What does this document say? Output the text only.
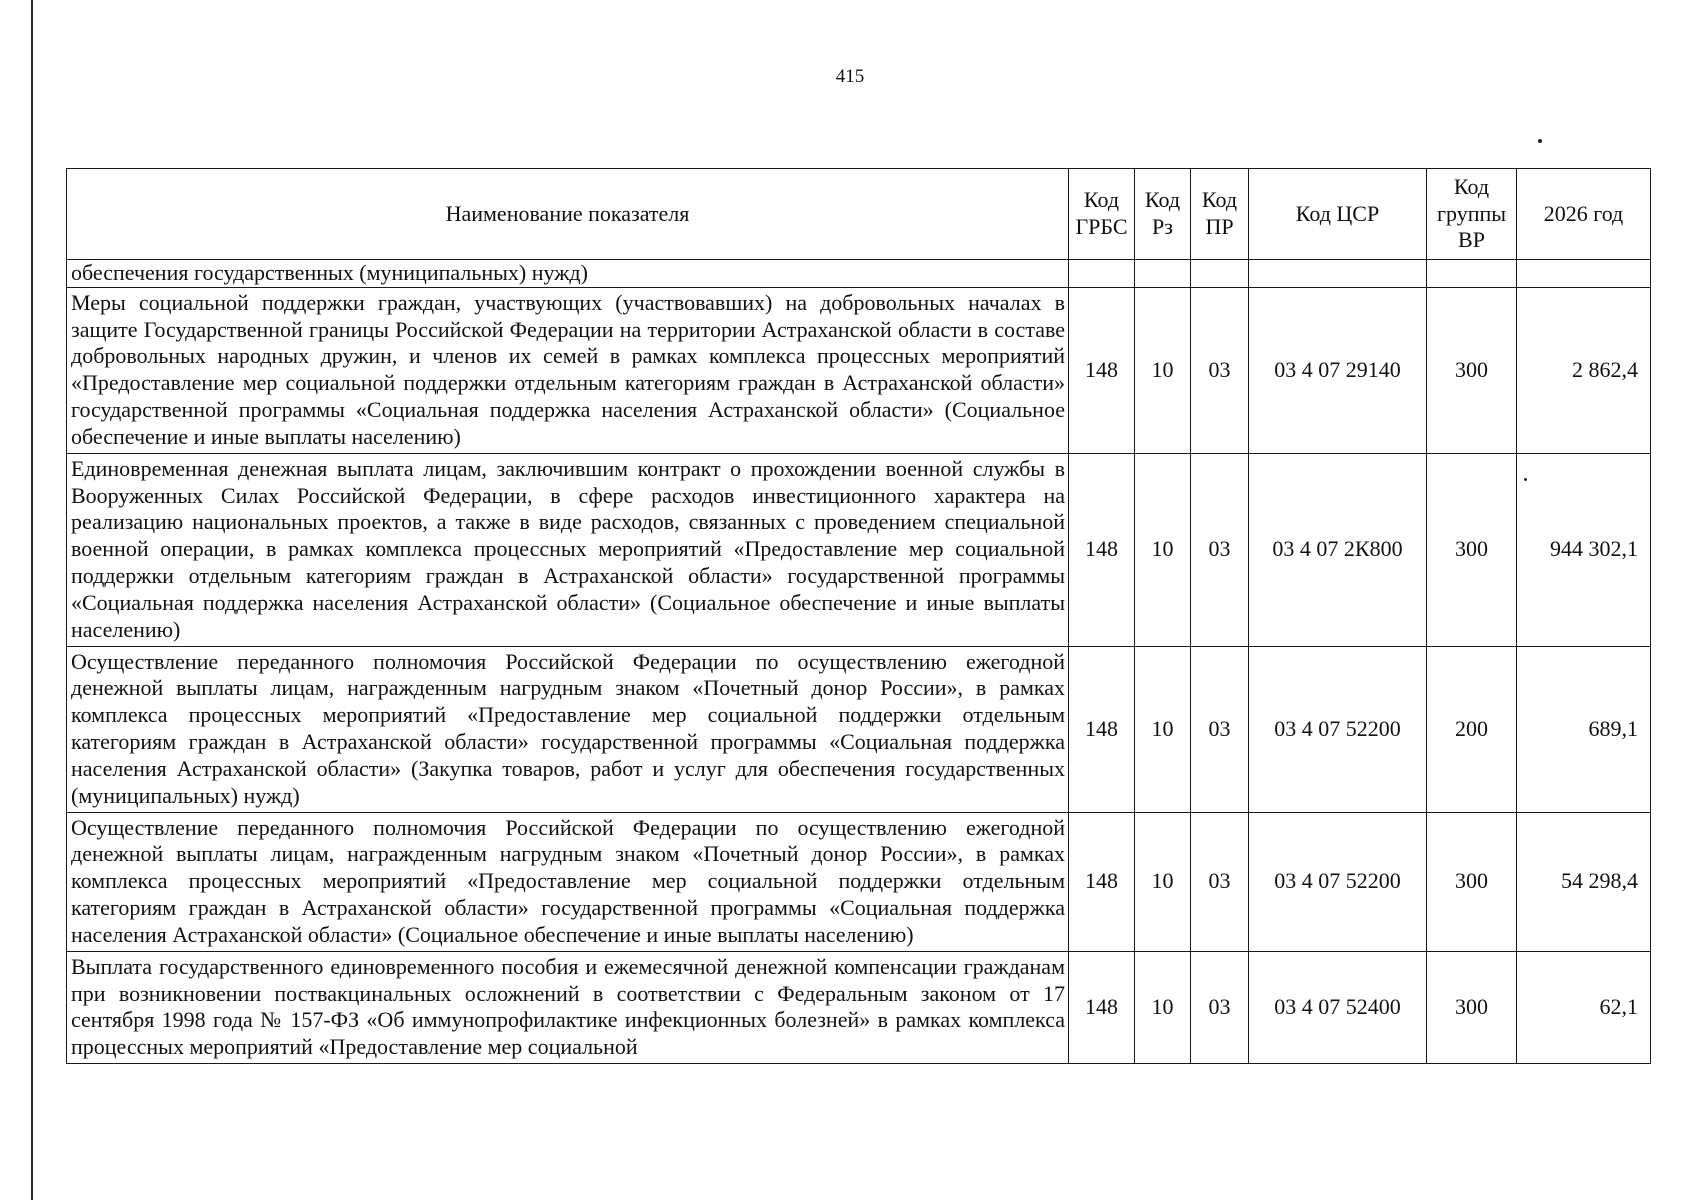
415
Наименование показателя	Код ГРБС	Код Рз	Код ПР	Код ЦСР	Код группы ВР	2026 год
обеспечения государственных (муниципальных) нужд)						
Меры социальной поддержки граждан, участвующих (участвовавших) на добровольных началах в защите Государственной границы Российской Федерации на территории Астраханской области в составе добровольных народных дружин, и членов их семей в рамках комплекса процессных мероприятий «Предоставление мер социальной поддержки отдельным категориям граждан в Астраханской области» государственной программы «Социальная поддержка населения Астраханской области» (Социальное обеспечение и иные выплаты населению)	148	10	03	03 4 07 29140	300	2 862,4
Единовременная денежная выплата лицам, заключившим контракт о прохождении военной службы в Вооруженных Силах Российской Федерации, в сфере расходов инвестиционного характера на реализацию национальных проектов, а также в виде расходов, связанных с проведением специальной военной операции, в рамках комплекса процессных мероприятий «Предоставление мер социальной поддержки отдельным категориям граждан в Астраханской области» государственной программы «Социальная поддержка населения Астраханской области» (Социальное обеспечение и иные выплаты населению)	148	10	03	03 4 07 2К800	300	944 302,1
Осуществление переданного полномочия Российской Федерации по осуществлению ежегодной денежной выплаты лицам, награжденным нагрудным знаком «Почетный донор России», в рамках комплекса процессных мероприятий «Предоставление мер социальной поддержки отдельным категориям граждан в Астраханской области» государственной программы «Социальная поддержка населения Астраханской области» (Закупка товаров, работ и услуг для обеспечения государственных (муниципальных) нужд)	148	10	03	03 4 07 52200	200	689,1
Осуществление переданного полномочия Российской Федерации по осуществлению ежегодной денежной выплаты лицам, награжденным нагрудным знаком «Почетный донор России», в рамках комплекса процессных мероприятий «Предоставление мер социальной поддержки отдельным категориям граждан в Астраханской области» государственной программы «Социальная поддержка населения Астраханской области» (Социальное обеспечение и иные выплаты населению)	148	10	03	03 4 07 52200	300	54 298,4
Выплата государственного единовременного пособия и ежемесячной денежной компенсации гражданам при возникновении поствакцинальных осложнений в соответствии с Федеральным законом от 17 сентября 1998 года № 157-ФЗ «Об иммунопрофилактике инфекционных болезней» в рамках комплекса процессных мероприятий «Предоставление мер социальной	148	10	03	03 4 07 52400	300	62,1
